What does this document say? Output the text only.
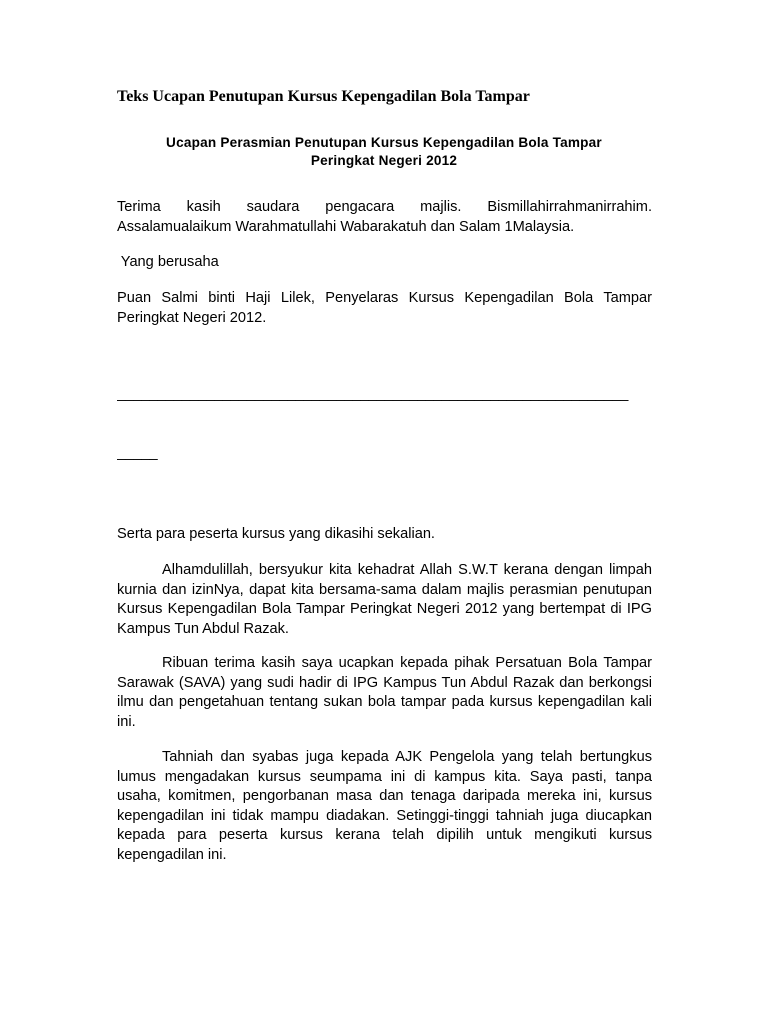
Teks Ucapan Penutupan Kursus Kepengadilan Bola Tampar
Ucapan Perasmian Penutupan Kursus Kepengadilan Bola Tampar
Peringkat Negeri 2012

Terima kasih saudara pengacara majlis. Bismillahirrahmanirrahim. Assalamualaikum Warahmatullahi Wabarakatuh dan Salam 1Malaysia.

Yang berusaha

Puan Salmi binti Haji Lilek, Penyelaras Kursus Kepengadilan Bola Tampar Peringkat Negeri 2012.

_______________________________________________________________

_____

Serta para peserta kursus yang dikasihi sekalian.

Alhamdulillah, bersyukur kita kehadrat Allah S.W.T kerana dengan limpah kurnia dan izinNya, dapat kita bersama-sama dalam majlis perasmian penutupan Kursus Kepengadilan Bola Tampar Peringkat Negeri 2012 yang bertempat di IPG Kampus Tun Abdul Razak.

Ribuan terima kasih saya ucapkan kepada pihak Persatuan Bola Tampar Sarawak (SAVA) yang sudi hadir di IPG Kampus Tun Abdul Razak dan berkongsi ilmu dan pengetahuan tentang sukan bola tampar pada kursus kepengadilan kali ini.

Tahniah dan syabas juga kepada AJK Pengelola yang telah bertungkus lumus mengadakan kursus seumpama ini di kampus kita. Saya pasti, tanpa usaha, komitmen, pengorbanan masa dan tenaga daripada mereka ini, kursus kepengadilan ini tidak mampu diadakan. Setinggi-tinggi tahniah juga diucapkan kepada para peserta kursus kerana telah dipilih untuk mengikuti kursus kepengadilan ini.
